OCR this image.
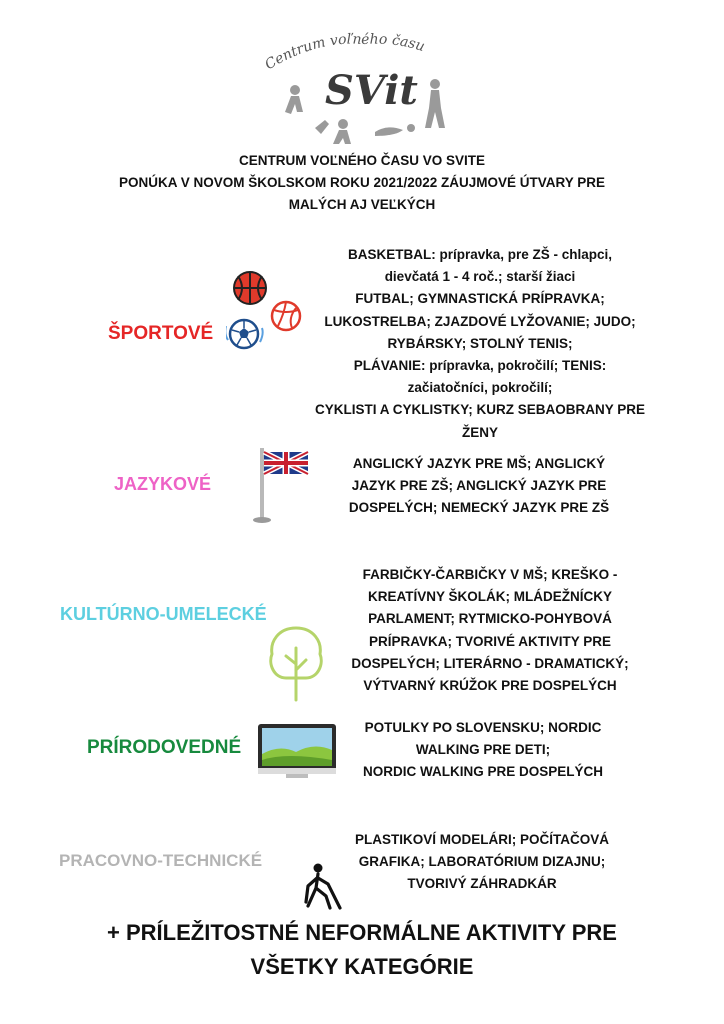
Centrum voľného času
SVit
CENTRUM VOĽNÉHO ČASU VO SVITE
PONÚKA V NOVOM ŠKOLSKOM ROKU 2021/2022 ZÁUJMOVÉ ÚTVARY PRE
MALÝCH AJ VEĽKÝCH
ŠPORTOVÉ
BASKETBAL: prípravka, pre ZŠ - chlapci,
dievčatá 1 - 4 roč.; starší žiaci
FUTBAL; GYMNASTICKÁ PRÍPRAVKA;
LUKOSTRELBA; ZJAZDOVÉ LYŽOVANIE; JUDO;
RYBÁRSKY; STOLNÝ TENIS;
PLÁVANIE: prípravka, pokročilí; TENIS:
začiatočníci, pokročilí;
CYKLISTI A CYKLISTKY; KURZ SEBAOBRANY PRE
ŽENY
JAZYKOVÉ
ANGLICKÝ JAZYK PRE MŠ; ANGLICKÝ
JAZYK PRE ZŠ; ANGLICKÝ JAZYK PRE
DOSPELÝCH; NEMECKÝ JAZYK PRE ZŠ
KULTÚRNO-UMELECKÉ
FARBIČKY-ČARBIČKY V MŠ; KREŠKO -
KREATÍVNY ŠKOLÁK; MLÁDEŽNÍCKY
PARLAMENT; RYTMICKO-POHYBOVÁ
PRÍPRAVKA; TVORIVÉ AKTIVITY PRE
DOSPELÝCH; LITERÁRNO - DRAMATICKÝ;
VÝTVARNÝ KRÚŽOK PRE DOSPELÝCH
PRÍRODOVEDNÉ
POTULKY PO SLOVENSKU; NORDIC
WALKING PRE DETI;
NORDIC WALKING PRE DOSPELÝCH
PRACOVNO-TECHNICKÉ
PLASTIKOVÍ MODELÁRI; POČÍTAČOVÁ
GRAFIKA; LABORATÓRIUM DIZAJNU;
TVORIVÝ ZÁHRADKÁR
+ PRÍLEŽITOSTNÉ NEFORMÁLNE AKTIVITY PRE
VŠETKY KATEGÓRIE
